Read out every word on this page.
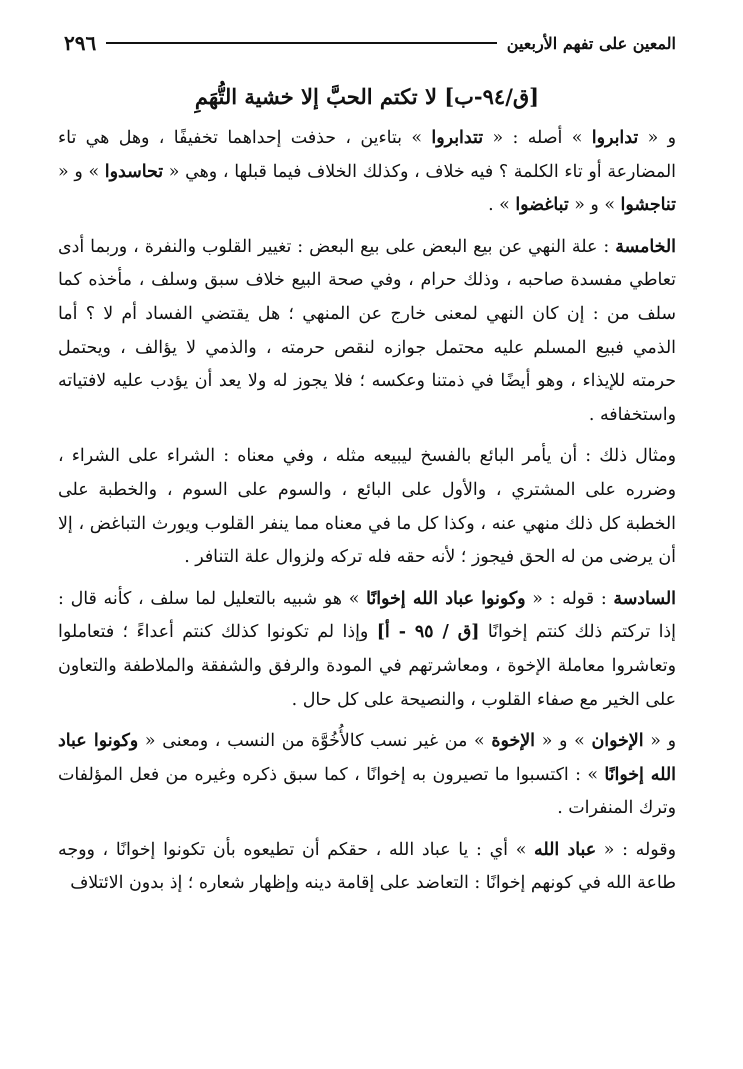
المعين على تفهم الأربعين
٢٩٦
[ق/٩٤-ب] لا تكتم الحبَّ إلا خشية التُّهَمِ

و « تدابروا » أصله : « تتدابروا » بتاءين ، حذفت إحداهما تخفيفًا ، وهل هي تاء المضارعة أو تاء الكلمة ؟ فيه خلاف ، وكذلك الخلاف فيما قبلها ، وهي « تحاسدوا » و « تناجشوا » و « تباغضوا » .

الخامسة : علة النهي عن بيع البعض على بيع البعض : تغيير القلوب والنفرة ، وربما أدى تعاطي مفسدة صاحبه ، وذلك حرام ، وفي صحة البيع خلاف سبق وسلف ، مأخذه كما سلف من : إن كان النهي لمعنى خارج عن المنهي ؛ هل يقتضي الفساد أم لا ؟ أما الذمي فبيع المسلم عليه محتمل جوازه لنقص حرمته ، والذمي لا يؤالف ، ويحتمل حرمته للإيذاء ، وهو أيضًا في ذمتنا وعكسه ؛ فلا يجوز له ولا يعد أن يؤدب عليه لافتياته واستخفافه .

ومثال ذلك : أن يأمر البائع بالفسخ ليبيعه مثله ، وفي معناه : الشراء على الشراء ، وضرره على المشتري ، والأول على البائع ، والسوم على السوم ، والخطبة على الخطبة كل ذلك منهي عنه ، وكذا كل ما في معناه مما ينفر القلوب ويورث التباغض ، إلا أن يرضى من له الحق فيجوز ؛ لأنه حقه فله تركه ولزوال علة التنافر .

السادسة : قوله : « وكونوا عباد الله إخوانًا » هو شبيه بالتعليل لما سلف ، كأنه قال : إذا تركتم ذلك كنتم إخوانًا [ق / ٩٥ - أ] وإذا لم تكونوا كذلك كنتم أعداءً ؛ فتعاملوا وتعاشروا معاملة الإخوة ، ومعاشرتهم في المودة والرفق والشفقة والملاطفة والتعاون على الخير مع صفاء القلوب ، والنصيحة على كل حال .

و « الإخوان » و « الإخوة » من غير نسب كالأُخُوَّة من النسب ، ومعنى « وكونوا عباد الله إخوانًا » : اكتسبوا ما تصيرون به إخوانًا ، كما سبق ذكره وغيره من فعل المؤلفات وترك المنفرات .

وقوله : « عباد الله » أي : يا عباد الله ، حقكم أن تطيعوه بأن تكونوا إخوانًا ، ووجه طاعة الله في كونهم إخوانًا : التعاضد على إقامة دينه وإظهار شعاره ؛ إذ بدون الائتلاف
